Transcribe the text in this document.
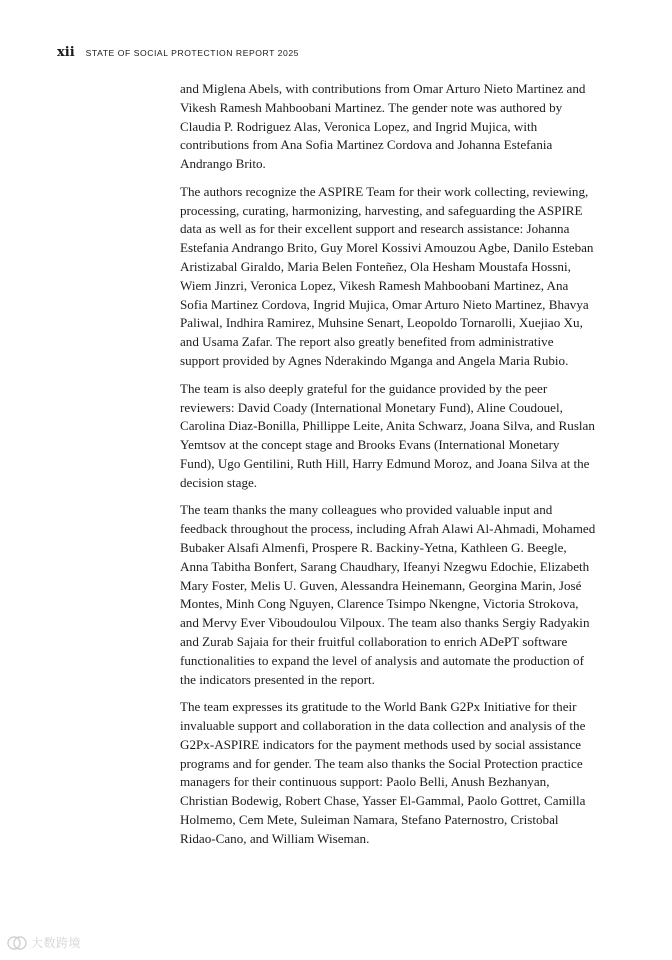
xii STATE OF SOCIAL PROTECTION REPORT 2025

and Miglena Abels, with contributions from Omar Arturo Nieto Martinez and Vikesh Ramesh Mahboobani Martinez. The gender note was authored by Claudia P. Rodriguez Alas, Veronica Lopez, and Ingrid Mujica, with contributions from Ana Sofia Martinez Cordova and Johanna Estefania Andrango Brito.

The authors recognize the ASPIRE Team for their work collecting, reviewing, processing, curating, harmonizing, harvesting, and safeguarding the ASPIRE data as well as for their excellent support and research assistance: Johanna Estefania Andrango Brito, Guy Morel Kossivi Amouzou Agbe, Danilo Esteban Aristizabal Giraldo, Maria Belen Fonteñez, Ola Hesham Moustafa Hossni, Wiem Jinzri, Veronica Lopez, Vikesh Ramesh Mahboobani Martinez, Ana Sofia Martinez Cordova, Ingrid Mujica, Omar Arturo Nieto Martinez, Bhavya Paliwal, Indhira Ramirez, Muhsine Senart, Leopoldo Tornarolli, Xuejiao Xu, and Usama Zafar. The report also greatly benefited from administrative support provided by Agnes Nderakindo Mganga and Angela Maria Rubio.

The team is also deeply grateful for the guidance provided by the peer reviewers: David Coady (International Monetary Fund), Aline Coudouel, Carolina Diaz-Bonilla, Phillippe Leite, Anita Schwarz, Joana Silva, and Ruslan Yemtsov at the concept stage and Brooks Evans (International Monetary Fund), Ugo Gentilini, Ruth Hill, Harry Edmund Moroz, and Joana Silva at the decision stage.

The team thanks the many colleagues who provided valuable input and feedback throughout the process, including Afrah Alawi Al-Ahmadi, Mohamed Bubaker Alsafi Almenfi, Prospere R. Backiny-Yetna, Kathleen G. Beegle, Anna Tabitha Bonfert, Sarang Chaudhary, Ifeanyi Nzegwu Edochie, Elizabeth Mary Foster, Melis U. Guven, Alessandra Heinemann, Georgina Marin, José Montes, Minh Cong Nguyen, Clarence Tsimpo Nkengne, Victoria Strokova, and Mervy Ever Viboudoulou Vilpoux. The team also thanks Sergiy Radyakin and Zurab Sajaia for their fruitful collaboration to enrich ADePT software functionalities to expand the level of analysis and automate the production of the indicators presented in the report.

The team expresses its gratitude to the World Bank G2Px Initiative for their invaluable support and collaboration in the data collection and analysis of the G2Px-ASPIRE indicators for the payment methods used by social assistance programs and for gender. The team also thanks the Social Protection practice managers for their continuous support: Paolo Belli, Anush Bezhanyan, Christian Bodewig, Robert Chase, Yasser El-Gammal, Paolo Gottret, Camilla Holmemo, Cem Mete, Suleiman Namara, Stefano Paternostro, Cristobal Ridao-Cano, and William Wiseman.

大数跨境
